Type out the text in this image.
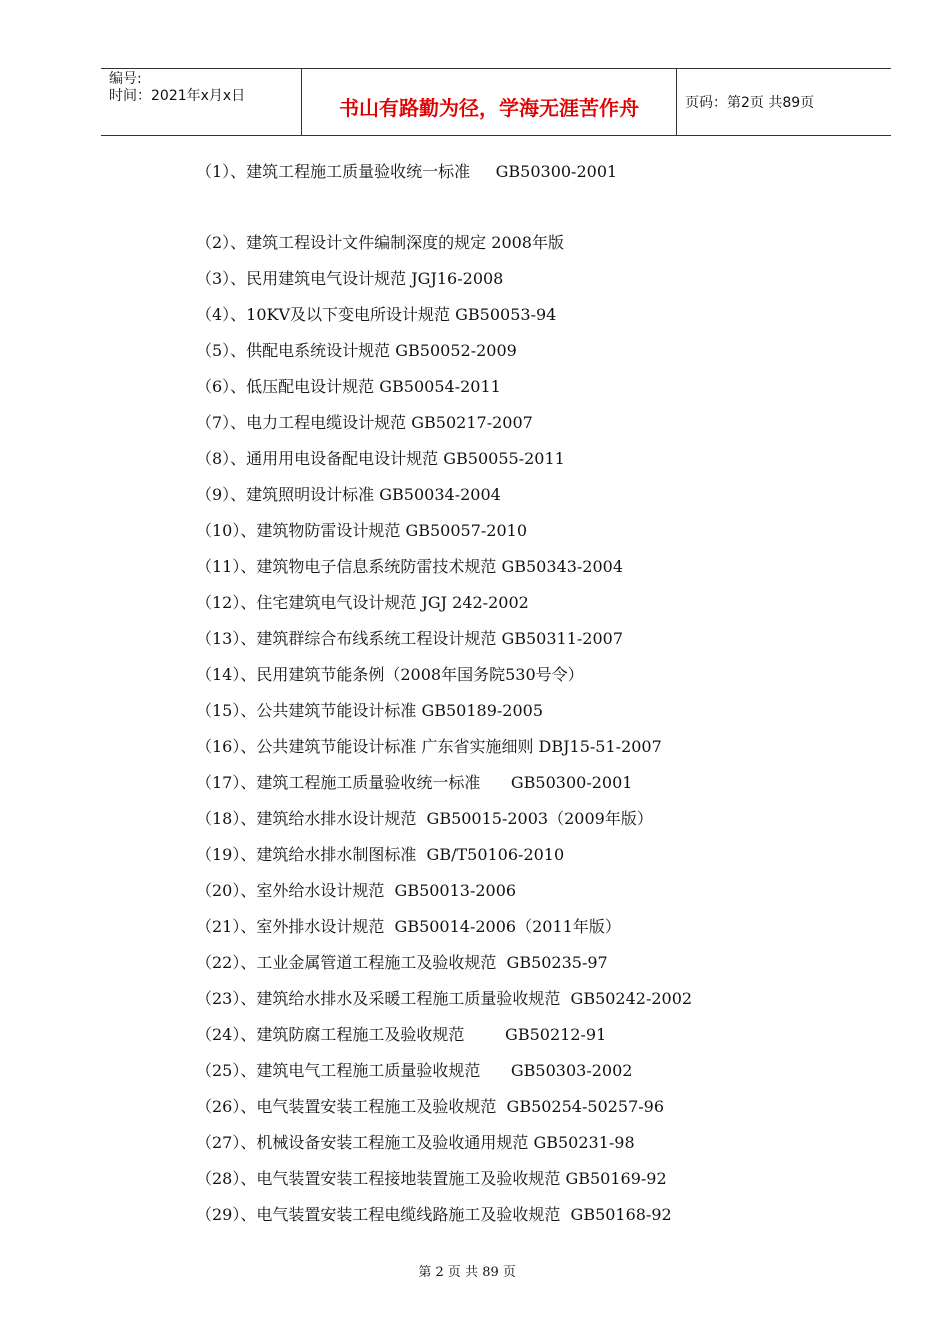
编号:
时间：2021年x月x日	书山有路勤为径，学海无涯苦作舟	页码：第2页 共89页
（1）、建筑工程施工质量验收统一标准     GB50300-2001
（2）、建筑工程设计文件编制深度的规定 2008年版
（3）、民用建筑电气设计规范 JGJ16-2008
（4）、10KV及以下变电所设计规范 GB50053-94
（5）、供配电系统设计规范 GB50052-2009
（6）、低压配电设计规范 GB50054-2011
（7）、电力工程电缆设计规范 GB50217-2007
（8）、通用用电设备配电设计规范 GB50055-2011
（9）、建筑照明设计标准 GB50034-2004
（10）、建筑物防雷设计规范 GB50057-2010
（11）、建筑物电子信息系统防雷技术规范 GB50343-2004
（12）、住宅建筑电气设计规范 JGJ 242-2002
（13）、建筑群综合布线系统工程设计规范 GB50311-2007
（14）、民用建筑节能条例（2008年国务院530号令）
（15）、公共建筑节能设计标准 GB50189-2005
（16）、公共建筑节能设计标准 广东省实施细则 DBJ15-51-2007
（17）、建筑工程施工质量验收统一标准      GB50300-2001
（18）、建筑给水排水设计规范  GB50015-2003（2009年版）
（19）、建筑给水排水制图标准  GB/T50106-2010
（20）、室外给水设计规范  GB50013-2006
（21）、室外排水设计规范  GB50014-2006（2011年版）
（22）、工业金属管道工程施工及验收规范  GB50235-97
（23）、建筑给水排水及采暖工程施工质量验收规范  GB50242-2002
（24）、建筑防腐工程施工及验收规范        GB50212-91
（25）、建筑电气工程施工质量验收规范      GB50303-2002
（26）、电气装置安装工程施工及验收规范  GB50254-50257-96
（27）、机械设备安装工程施工及验收通用规范 GB50231-98
（28）、电气装置安装工程接地装置施工及验收规范 GB50169-92
（29）、电气装置安装工程电缆线路施工及验收规范  GB50168-92

第 2 页 共 89 页
